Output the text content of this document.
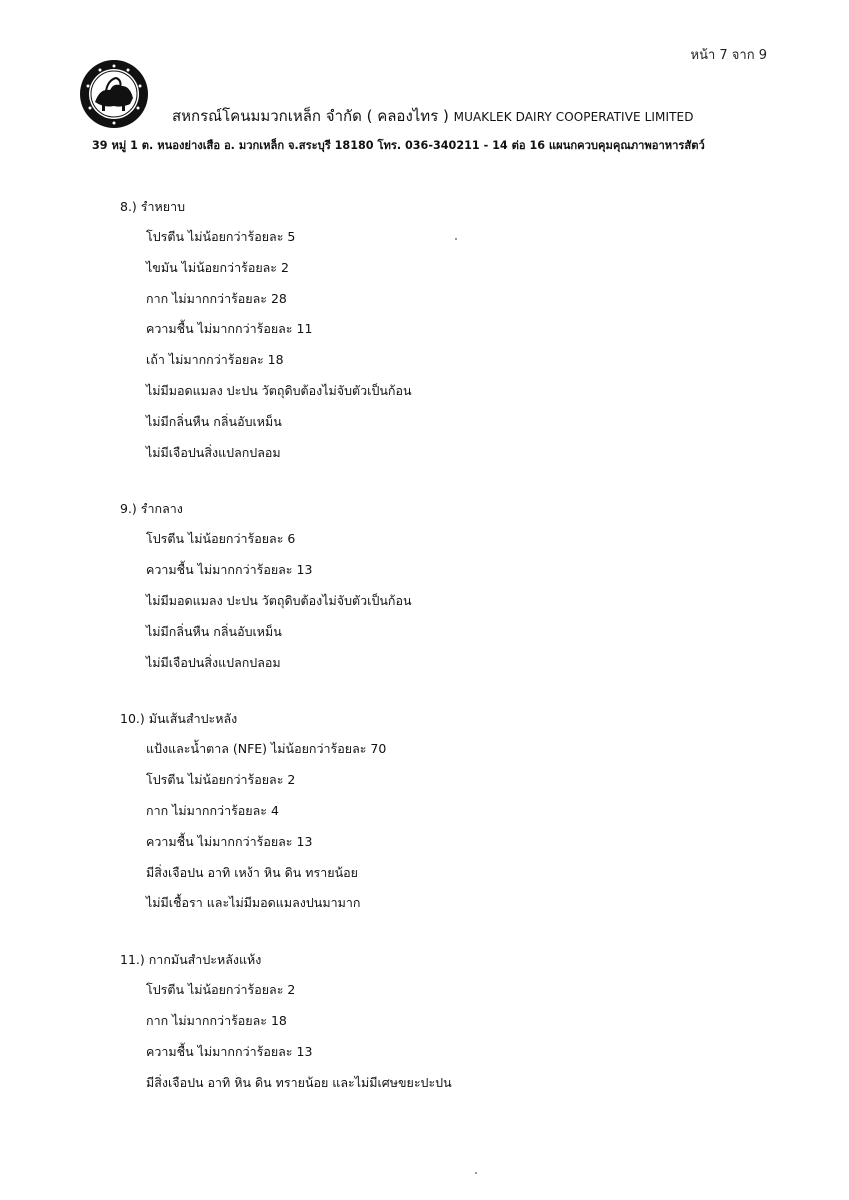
หน้า 7 จาก 9
สหกรณ์โคนมมวกเหล็ก จำกัด ( คลองไทร ) MUAKLEK DAIRY COOPERATIVE LIMITED
39 หมู่ 1 ต. หนองย่างเสือ อ. มวกเหล็ก จ.สระบุรี 18180 โทร. 036-340211 - 14 ต่อ 16 แผนกควบคุมคุณภาพอาหารสัตว์
8.) รำหยาบ
โปรตีน ไม่น้อยกว่าร้อยละ 5
ไขมัน ไม่น้อยกว่าร้อยละ 2
กาก ไม่มากกว่าร้อยละ 28
ความชื้น ไม่มากกว่าร้อยละ 11
เถ้า ไม่มากกว่าร้อยละ 18
ไม่มีมอดแมลง ปะปน วัตถุดิบต้องไม่จับตัวเป็นก้อน
ไม่มีกลิ่นหืน กลิ่นอับเหม็น
ไม่มีเจือปนสิ่งแปลกปลอม
9.) รำกลาง
โปรตีน ไม่น้อยกว่าร้อยละ 6
ความชื้น ไม่มากกว่าร้อยละ 13
ไม่มีมอดแมลง ปะปน วัตถุดิบต้องไม่จับตัวเป็นก้อน
ไม่มีกลิ่นหืน กลิ่นอับเหม็น
ไม่มีเจือปนสิ่งแปลกปลอม
10.) มันเส้นสำปะหลัง
แป้งและน้ำตาล (NFE) ไม่น้อยกว่าร้อยละ 70
โปรตีน ไม่น้อยกว่าร้อยละ 2
กาก ไม่มากกว่าร้อยละ 4
ความชื้น ไม่มากกว่าร้อยละ 13
มีสิ่งเจือปน อาทิ เหง้า หิน ดิน ทรายน้อย
ไม่มีเชื้อรา และไม่มีมอดแมลงปนมามาก
11.) กากมันสำปะหลังแห้ง
โปรตีน ไม่น้อยกว่าร้อยละ 2
กาก ไม่มากกว่าร้อยละ 18
ความชื้น ไม่มากกว่าร้อยละ 13
มีสิ่งเจือปน อาทิ หิน ดิน ทรายน้อย และไม่มีเศษขยะปะปน
